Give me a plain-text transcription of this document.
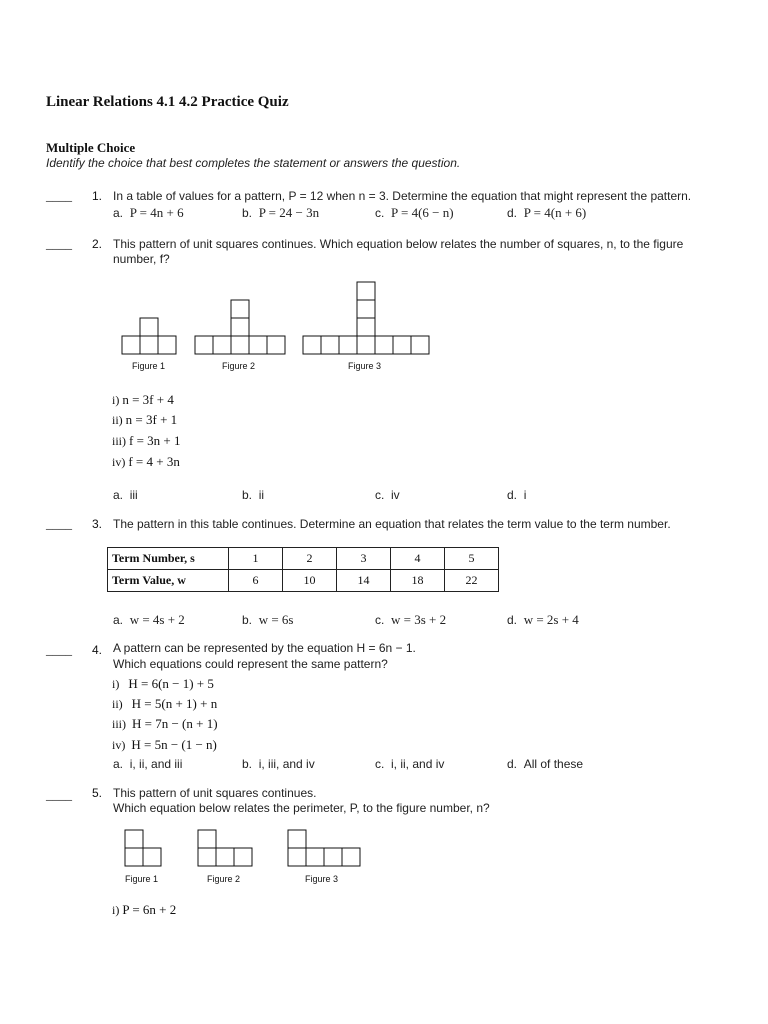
Linear Relations 4.1 4.2 Practice Quiz
Multiple Choice
Identify the choice that best completes the statement or answers the question.
____ 1. In a table of values for a pattern, P = 12 when n = 3. Determine the equation that might represent the pattern.
a. P = 4n + 6	b. P = 24 − 3n	c. P = 4(6 − n)	d. P = 4(n + 6)
____ 2. This pattern of unit squares continues. Which equation below relates the number of squares, n, to the figure
number, f?
Figure 1	Figure 2	Figure 3
i) n = 3f + 4
ii) n = 3f + 1
iii) f = 3n + 1
iv) f = 4 + 3n
a. iii	b. ii	c. iv	d. i
____ 3. The pattern in this table continues. Determine an equation that relates the term value to the term number.
Term Number, s	1	2	3	4	5
Term Value, w	6	10	14	18	22
a. w = 4s + 2	b. w = 6s	c. w = 3s + 2	d. w = 2s + 4
____ 4. A pattern can be represented by the equation H = 6n − 1.
Which equations could represent the same pattern?
i) H = 6(n − 1) + 5
ii) H = 5(n + 1) + n
iii) H = 7n − (n + 1)
iv) H = 5n − (1 − n)
a. i, ii, and iii	b. i, iii, and iv	c. i, ii, and iv	d. All of these
____ 5. This pattern of unit squares continues.
Which equation below relates the perimeter, P, to the figure number, n?
Figure 1	Figure 2	Figure 3
i) P = 6n + 2
